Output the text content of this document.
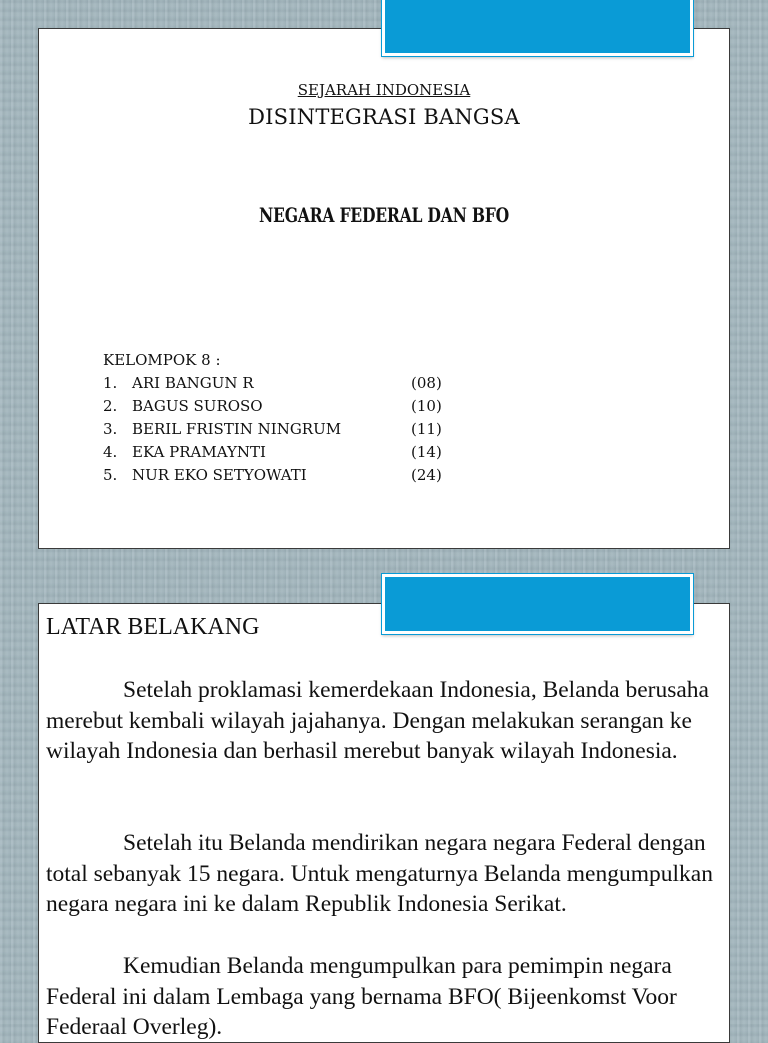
SEJARAH INDONESIA
DISINTEGRASI BANGSA
NEGARA FEDERAL DAN BFO
KELOMPOK 8 :
1. ARI BANGUN R	(08)
2. BAGUS SUROSO	(10)
3. BERIL FRISTIN NINGRUM	(11)
4. EKA PRAMAYNTI	(14)
5. NUR EKO SETYOWATI	(24)
LATAR BELAKANG

Setelah proklamasi kemerdekaan Indonesia, Belanda berusaha merebut kembali wilayah jajahanya. Dengan melakukan serangan ke wilayah Indonesia dan berhasil merebut banyak wilayah Indonesia.

Setelah itu Belanda mendirikan negara negara Federal dengan total sebanyak 15 negara. Untuk mengaturnya Belanda mengumpulkan negara negara ini ke dalam Republik Indonesia Serikat.

Kemudian Belanda mengumpulkan para pemimpin negara Federal ini dalam Lembaga yang bernama BFO( Bijeenkomst Voor Federaal Overleg).
